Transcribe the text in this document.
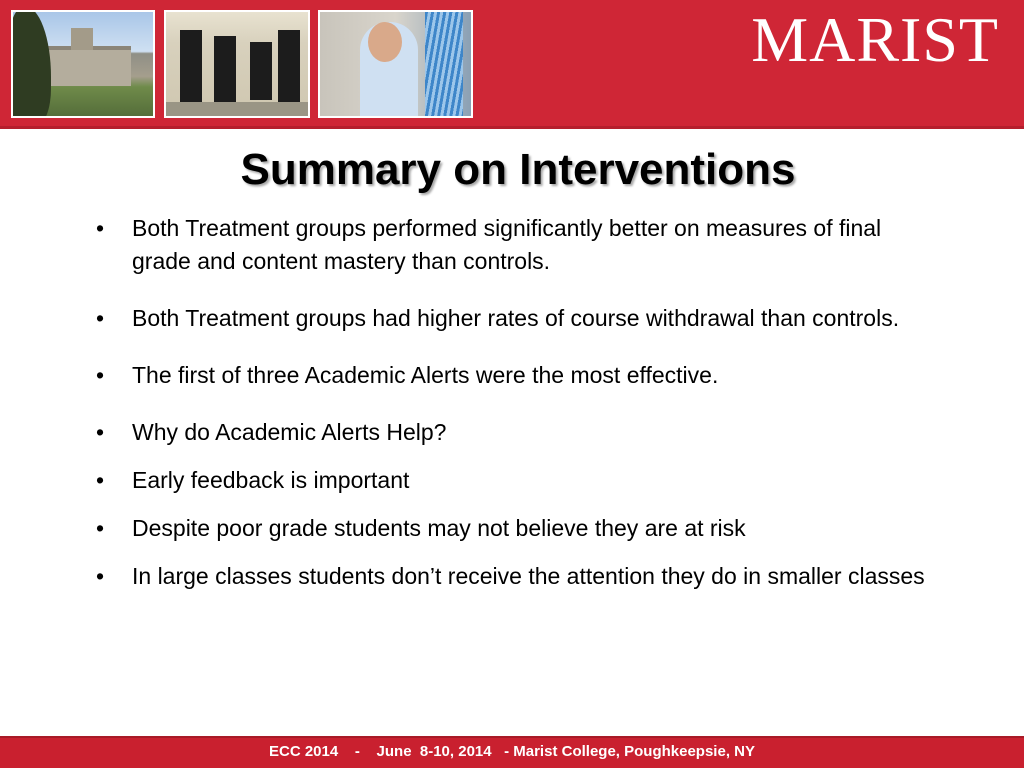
MARIST
Summary on Interventions
• Both Treatment groups performed significantly better on measures of final grade and content mastery than controls.
• Both Treatment groups had higher rates of course withdrawal than controls.
• The first of three Academic Alerts were the most effective.
• Why do Academic Alerts Help?
• Early feedback is important
• Despite poor grade students may not believe they are at risk
• In large classes students don’t receive the attention they do in smaller classes
ECC 2014    -    June  8-10, 2014   - Marist College, Poughkeepsie, NY
